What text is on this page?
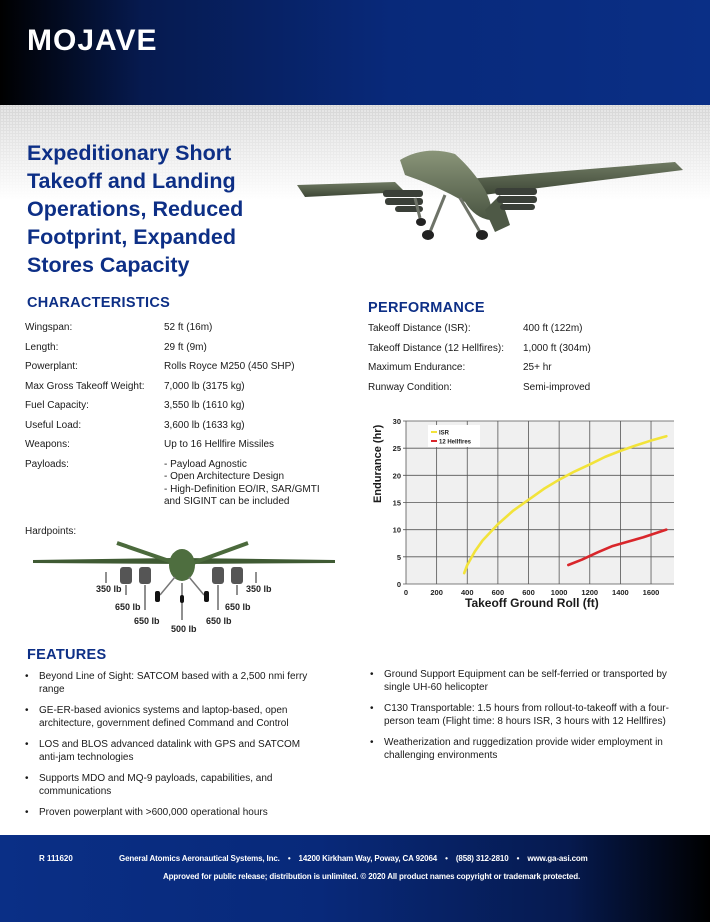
MOJAVE
Expeditionary Short Takeoff and Landing Operations, Reduced Footprint, Expanded Stores Capacity
CHARACTERISTICS
Wingspan:	52 ft (16m)
Length:	29 ft (9m)
Powerplant:	Rolls Royce M250 (450 SHP)
Max Gross Takeoff Weight: 7,000 lb (3175 kg)
Fuel Capacity:	3,550 lb (1610 kg)
Useful Load:	3,600 lb (1633 kg)
Weapons:	Up to 16 Hellfire Missiles
Payloads:	- Payload Agnostic
- Open Architecture Design
- High-Definition EO/IR, SAR/GMTI
and SIGINT can be included
Hardpoints:
350 lb
650 lb
650 lb
500 lb
650 lb
650 lb
350 lb
PERFORMANCE
Takeoff Distance (ISR):	400 ft (122m)
Takeoff Distance (12 Hellfires): 1,000 ft (304m)
Maximum Endurance:	25+ hr
Runway Condition:	Semi-improved
0	200 400 600 600 1000 1200 1400 1600
0
5
10
15
20
25
30
ISR
12 Hellfires
Endurance (hr)
Takeoff Ground Roll (ft)
FEATURES
• Beyond Line of Sight: SATCOM based with a 2,500 nmi ferry range
• GE-ER-based avionics systems and laptop-based, open architecture, government defined Command and Control
• LOS and BLOS advanced datalink with GPS and SATCOM anti-jam technologies
• Supports MDO and MQ-9 payloads, capabilities, and communications
• Proven powerplant with >600,000 operational hours
• Ground Support Equipment can be self-ferried or transported by single UH-60 helicopter
• C130 Transportable: 1.5 hours from rollout-to-takeoff with a four-person team (Flight time: 8 hours ISR, 3 hours with 12 Hellfires)
• Weatherization and ruggedization provide wider employment in challenging environments
R 111620	General Atomics Aeronautical Systems, Inc. • 14200 Kirkham Way, Poway, CA 92064 • (858) 312-2810 • www.ga-asi.com
Approved for public release; distribution is unlimited. © 2020 All product names copyright or trademark protected.
